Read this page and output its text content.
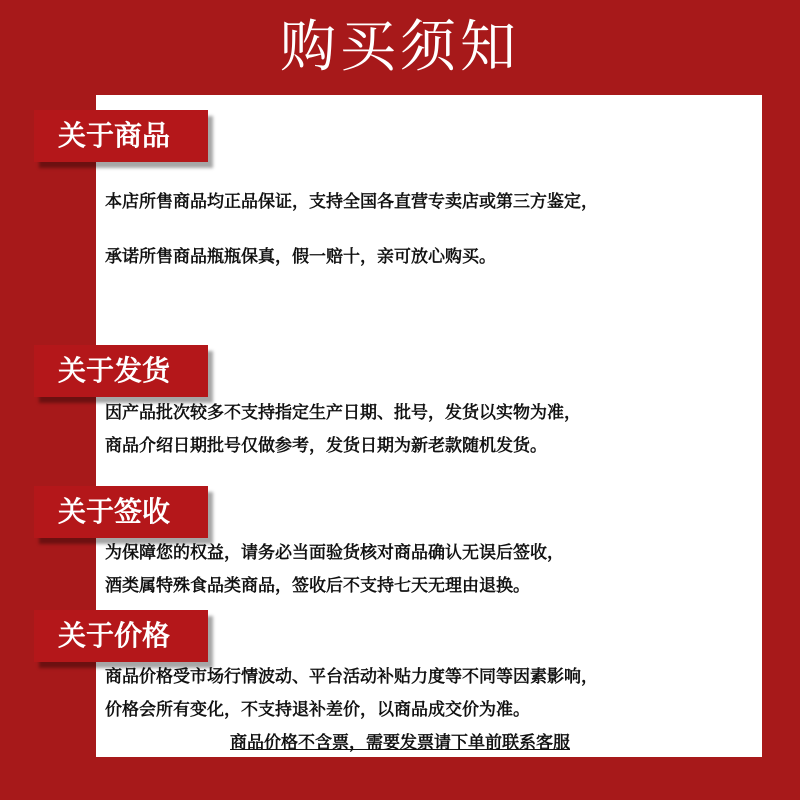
购买须知
关于商品
本店所售商品均正品保证，支持全国各直营专卖店或第三方鉴定，
承诺所售商品瓶瓶保真，假一赔十，亲可放心购买。
关于发货
因产品批次较多不支持指定生产日期、批号，发货以实物为准，
商品介绍日期批号仅做参考，发货日期为新老款随机发货。
关于签收
为保障您的权益，请务必当面验货核对商品确认无误后签收，
酒类属特殊食品类商品，签收后不支持七天无理由退换。
关于价格
商品价格受市场行情波动、平台活动补贴力度等不同等因素影响，
价格会所有变化，不支持退补差价，以商品成交价为准。
商品价格不含票，需要发票请下单前联系客服
